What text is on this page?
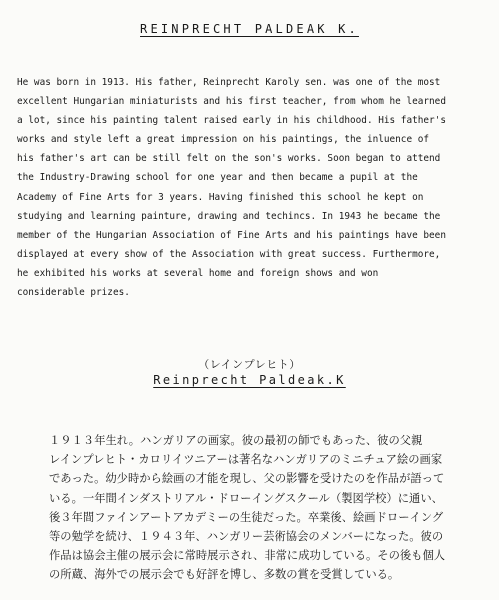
REINPRECHT PALDEAK K.
He was born in 1913. His father, Reinprecht Karoly sen. was one of the most
excellent Hungarian miniaturists and his first teacher, from whom he learned
a lot, since his painting talent raised early in his childhood. His father's
works and style left a great impression on his paintings, the inluence of
his father's art can be still felt on the son's works. Soon began to attend
the Industry-Drawing school for one year and then became a pupil at the
Academy of Fine Arts for 3 years. Having finished this school he kept on
studying and learning painture, drawing and techincs. In 1943 he became the
member of the Hungarian Association of Fine Arts and his paintings have been
displayed at every show of the Association with great success. Furthermore,
he exhibited his works at several home and foreign shows and won
considerable prizes.
（レインプレヒト）
Reinprecht Paldeak.K
１９１３年生れ。ハンガリアの画家。彼の最初の師でもあった、彼の父親
レインプレヒト・カロリイツニアーは著名なハンガリアのミニチュア絵の画家
であった。幼少時から絵画の才能を現し、父の影響を受けたのを作品が語って
いる。一年間インダストリアル・ドローイングスクール（製図学校）に通い、
後３年間ファインアートアカデミーの生徒だった。卒業後、絵画ドローイング
等の勉学を続け、１９４３年、ハンガリー芸術協会のメンバーになった。彼の
作品は協会主催の展示会に常時展示され、非常に成功している。その後も個人
の所蔵、海外での展示会でも好評を博し、多数の賞を受賞している。
